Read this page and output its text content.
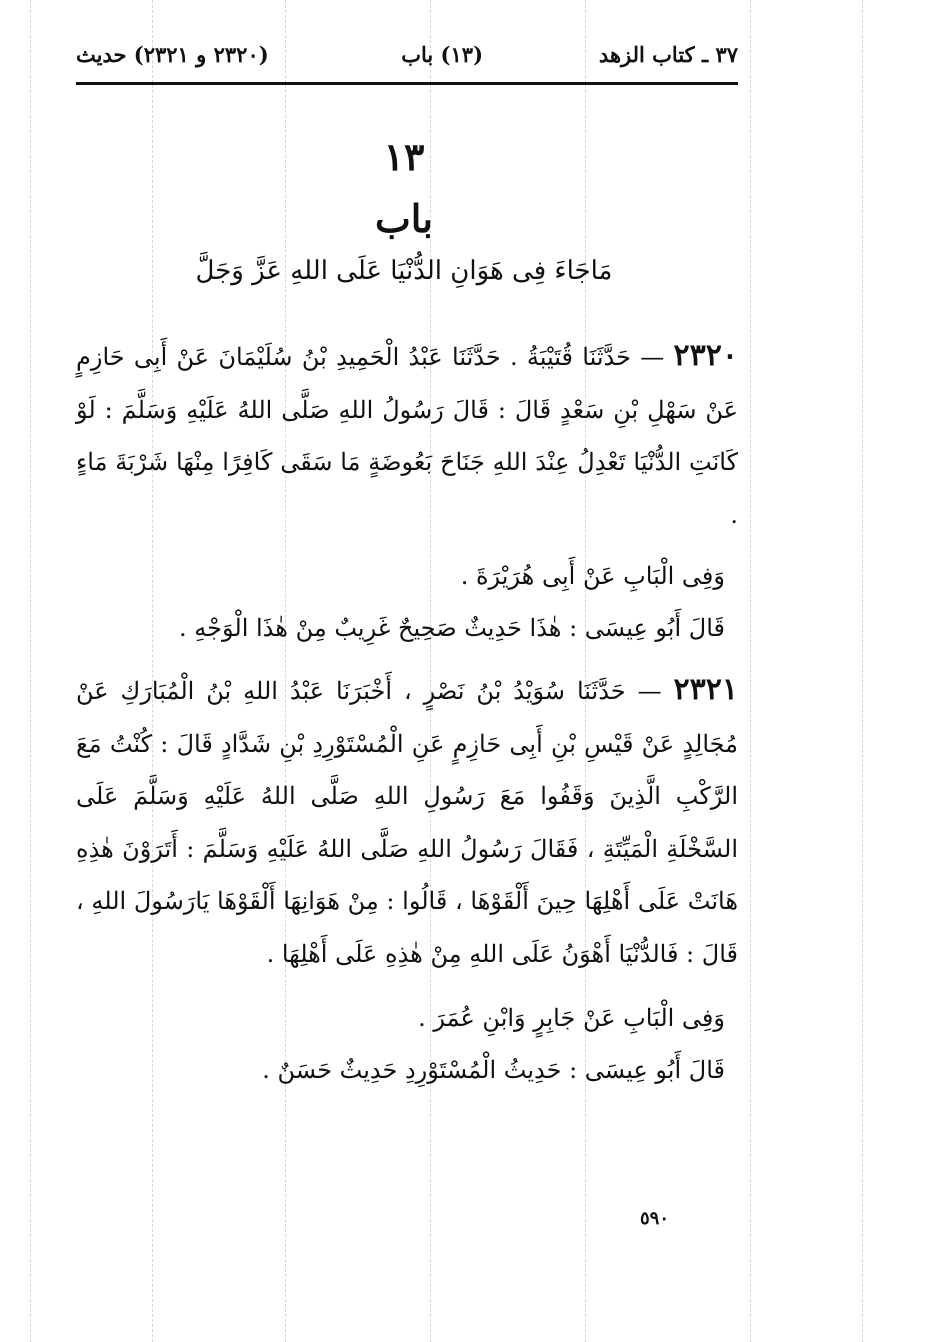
٣٧ ـ كتاب الزهد
(١٣) باب
(٢٣٢٠ و ٢٣٢١) حديث
١٣
باب
مَاجَاءَ فِى هَوَانِ الدُّنْيَا عَلَى اللهِ عَزَّ وَجَلَّ
٢٣٢٠ — حَدَّثَنَا قُتَيْبَةُ . حَدَّثَنَا عَبْدُ الْحَمِيدِ بْنُ سُلَيْمَانَ عَنْ أَبِى حَازِمٍ عَنْ سَهْلِ بْنِ سَعْدٍ قَالَ : قَالَ رَسُولُ اللهِ صَلَّى اللهُ عَلَيْهِ وَسَلَّمَ : لَوْ كَانَتِ الدُّنْيَا تَعْدِلُ عِنْدَ اللهِ جَنَاحَ بَعُوضَةٍ مَا سَقَى كَافِرًا مِنْهَا شَرْبَةَ مَاءٍ .
وَفِى الْبَابِ عَنْ أَبِى هُرَيْرَةَ .
قَالَ أَبُو عِيسَى : هٰذَا حَدِيثٌ صَحِيحٌ غَرِيبٌ مِنْ هٰذَا الْوَجْهِ .
٢٣٢١ — حَدَّثَنَا سُوَيْدُ بْنُ نَصْرٍ ، أَخْبَرَنَا عَبْدُ اللهِ بْنُ الْمُبَارَكِ عَنْ مُجَالِدٍ عَنْ قَيْسِ بْنِ أَبِى حَازِمٍ عَنِ الْمُسْتَوْرِدِ بْنِ شَدَّادٍ قَالَ : كُنْتُ مَعَ الرَّكْبِ الَّذِينَ وَقَفُوا مَعَ رَسُولِ اللهِ صَلَّى اللهُ عَلَيْهِ وَسَلَّمَ عَلَى السَّخْلَةِ الْمَيِّتَةِ ، فَقَالَ رَسُولُ اللهِ صَلَّى اللهُ عَلَيْهِ وَسَلَّمَ : أَتَرَوْنَ هٰذِهِ هَانَتْ عَلَى أَهْلِهَا حِينَ أَلْقَوْهَا ، قَالُوا : مِنْ هَوَانِهَا أَلْقَوْهَا يَارَسُولَ اللهِ ، قَالَ : فَالدُّنْيَا أَهْوَنُ عَلَى اللهِ مِنْ هٰذِهِ عَلَى أَهْلِهَا .
وَفِى الْبَابِ عَنْ جَابِرٍ وَابْنِ عُمَرَ .
قَالَ أَبُو عِيسَى : حَدِيثُ الْمُسْتَوْرِدِ حَدِيثٌ حَسَنٌ .
٥٩٠
